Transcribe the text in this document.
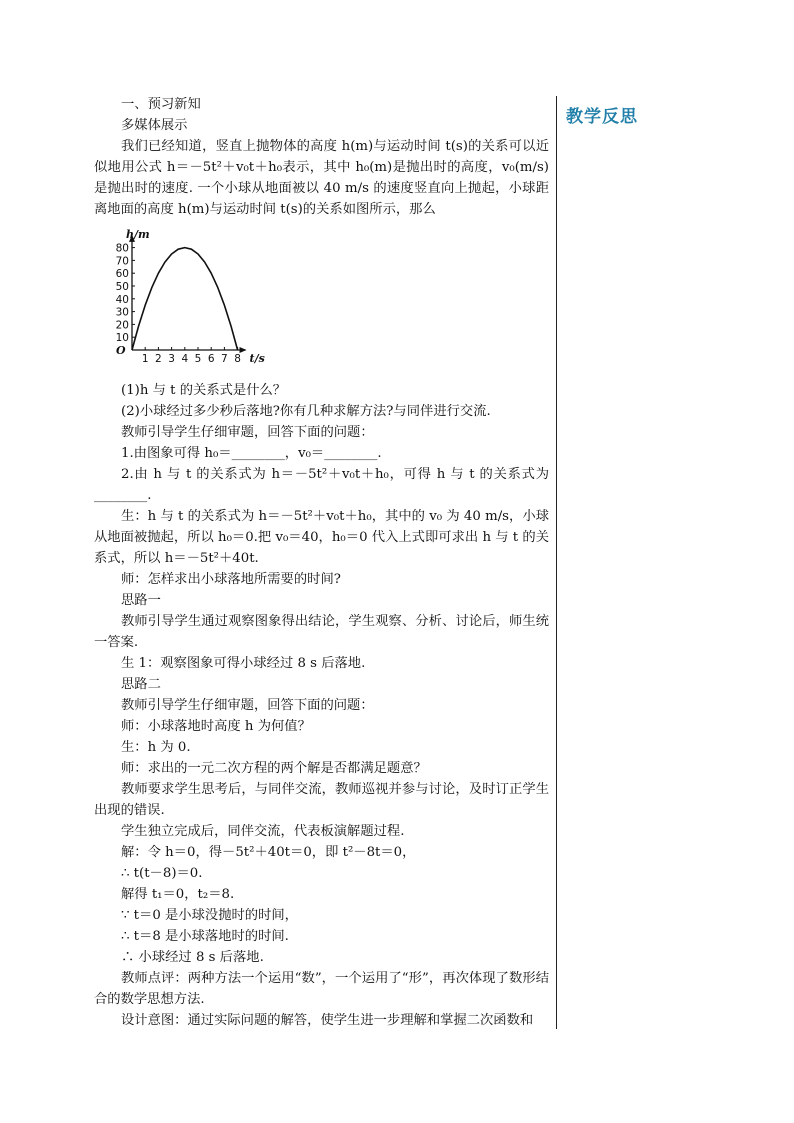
一、预习新知

多媒体展示

我们已经知道，竖直上抛物体的高度 h(m)与运动时间 t(s)的关系可以近似地用公式 h＝－5t²＋v₀t＋h₀表示，其中 h₀(m)是抛出时的高度，v₀(m/s)是抛出时的速度. 一个小球从地面被以 40 m/s 的速度竖直向上抛起，小球距离地面的高度 h(m)与运动时间 t(s)的关系如图所示，那么

10
20
30
40
50
60
70
80
1 2 3 4 5 6 7 8
O
h/m
t/s

(1)h 与 t 的关系式是什么？

(2)小球经过多少秒后落地?你有几种求解方法?与同伴进行交流.

教师引导学生仔细审题，回答下面的问题：

1.由图象可得 h₀＝________，v₀＝________.

2.由 h 与 t 的关系式为 h＝－5t²＋v₀t＋h₀，可得 h 与 t 的关系式为________.

生：h 与 t 的关系式为 h＝－5t²＋v₀t＋h₀，其中的 v₀ 为 40 m/s，小球从地面被抛起，所以 h₀＝0.把 v₀＝40，h₀＝0 代入上式即可求出 h 与 t 的关系式，所以 h＝－5t²＋40t.

师：怎样求出小球落地所需要的时间?

思路一

教师引导学生通过观察图象得出结论，学生观察、分析、讨论后，师生统一答案.

生 1：观察图象可得小球经过 8 s 后落地.

思路二

教师引导学生仔细审题，回答下面的问题：

师：小球落地时高度 h 为何值？

生：h 为 0.

师：求出的一元二次方程的两个解是否都满足题意？

教师要求学生思考后，与同伴交流，教师巡视并参与讨论，及时订正学生出现的错误.

学生独立完成后，同伴交流，代表板演解题过程.

解：令 h＝0，得－5t²＋40t＝0，即 t²－8t＝0，

∴ t(t－8)＝0.

解得 t₁＝0，t₂＝8.

∵ t＝0 是小球没抛时的时间，

∴ t＝8 是小球落地时的时间.

∴ 小球经过 8 s 后落地.

教师点评：两种方法一个运用“数”，一个运用了“形”，再次体现了数形结合的数学思想方法.

设计意图：通过实际问题的解答，使学生进一步理解和掌握二次函数和

教学反思
